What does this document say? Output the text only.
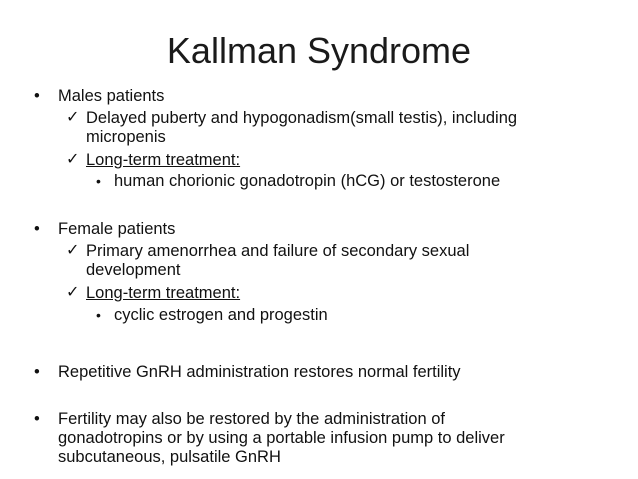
Kallman Syndrome
• Males patients
✓ Delayed puberty and hypogonadism(small testis), including
micropenis
✓ Long-term treatment:
• human chorionic gonadotropin (hCG) or testosterone
• Female patients
✓ Primary amenorrhea and failure of secondary sexual
development
✓ Long-term treatment:
• cyclic estrogen and progestin
• Repetitive GnRH administration restores normal fertility
• Fertility may also be restored by the administration of
gonadotropins or by using a portable infusion pump to deliver
subcutaneous, pulsatile GnRH
